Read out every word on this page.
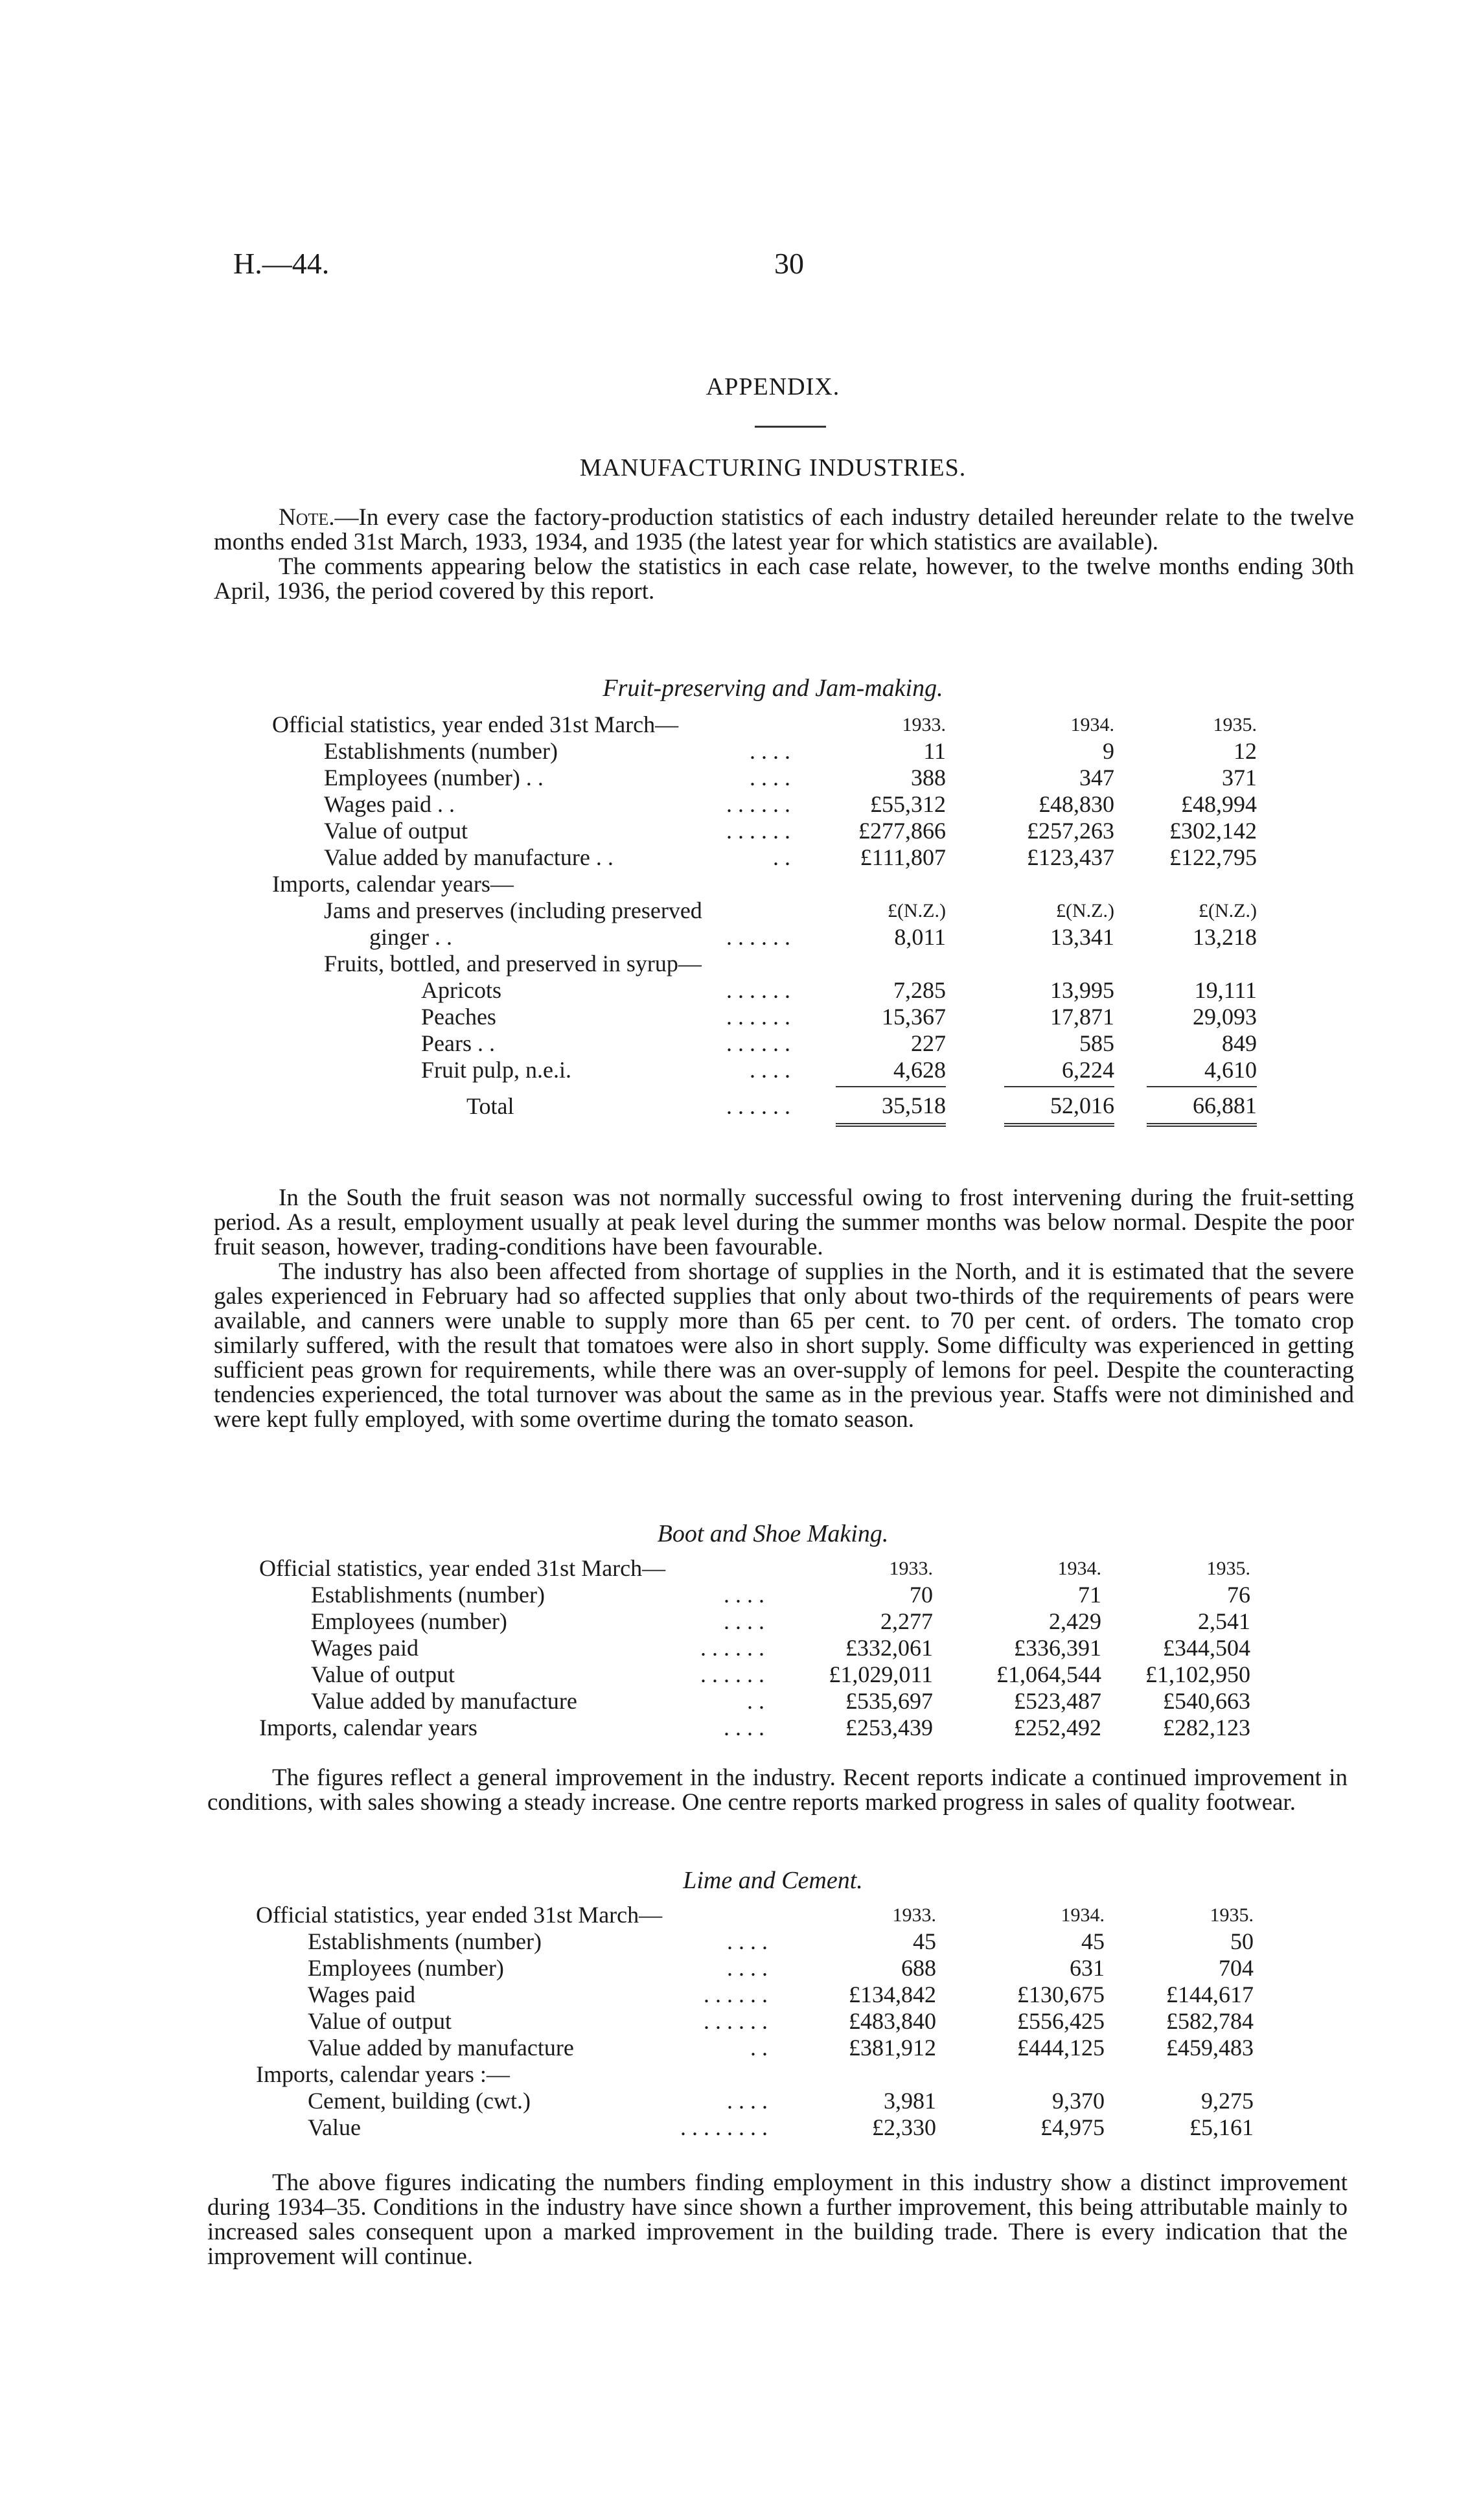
H.—44.	30
APPENDIX.
MANUFACTURING INDUSTRIES.

Note.—In every case the factory-production statistics of each industry detailed hereunder relate to the twelve months ended 31st March, 1933, 1934, and 1935 (the latest year for which statistics are available).

The comments appearing below the statistics in each case relate, however, to the twelve months ending 30th April, 1936, the period covered by this report.

Fruit-preserving and Jam-making.
Official statistics, year ended 31st March—	1933.	1934.	1935.
Establishments (number) . . . .	11	9	12
Employees (number) . . . . . .	388	347	371
Wages paid . . . . . . . .	£55,312	£48,830	£48,994
Value of output . . . . . .	£277,866	£257,263	£302,142
Value added by manufacture . . . .	£111,807	£123,437	£122,795
Imports, calendar years—			
Jams and preserves (including preserved	£(N.Z.)	£(N.Z.)	£(N.Z.)
ginger . . . . . . . .	8,011	13,341	13,218
Fruits, bottled, and preserved in syrup—			
Apricots . . . . . .	7,285	13,995	19,111
Peaches . . . . . .	15,367	17,871	29,093
Pears . . . . . . . .	227	585	849
Fruit pulp, n.e.i. . . . .	4,628	6,224	4,610
Total . . . . . .	35,518	52,016	66,881

In the South the fruit season was not normally successful owing to frost intervening during the fruit-setting period. As a result, employment usually at peak level during the summer months was below normal. Despite the poor fruit season, however, trading-conditions have been favourable.

The industry has also been affected from shortage of supplies in the North, and it is estimated that the severe gales experienced in February had so affected supplies that only about two-thirds of the requirements of pears were available, and canners were unable to supply more than 65 per cent. to 70 per cent. of orders. The tomato crop similarly suffered, with the result that tomatoes were also in short supply. Some difficulty was experienced in getting sufficient peas grown for requirements, while there was an over-supply of lemons for peel. Despite the counteracting tendencies experienced, the total turnover was about the same as in the previous year. Staffs were not diminished and were kept fully employed, with some overtime during the tomato season.

Boot and Shoe Making.
Official statistics, year ended 31st March—	1933.	1934.	1935.
Establishments (number) . . . .	70	71	76
Employees (number) . . . .	2,277	2,429	2,541
Wages paid . . . . . .	£332,061	£336,391	£344,504
Value of output . . . . . .	£1,029,011	£1,064,544	£1,102,950
Value added by manufacture . .	£535,697	£523,487	£540,663
Imports, calendar years . . . .	£253,439	£252,492	£282,123

The figures reflect a general improvement in the industry. Recent reports indicate a continued improvement in conditions, with sales showing a steady increase. One centre reports marked progress in sales of quality footwear.

Lime and Cement.
Official statistics, year ended 31st March—	1933.	1934.	1935.
Establishments (number) . . . .	45	45	50
Employees (number) . . . .	688	631	704
Wages paid . . . . . .	£134,842	£130,675	£144,617
Value of output . . . . . .	£483,840	£556,425	£582,784
Value added by manufacture . .	£381,912	£444,125	£459,483
Imports, calendar years :—			
Cement, building (cwt.) . . . .	3,981	9,370	9,275
Value . . . . . . . .	£2,330	£4,975	£5,161

The above figures indicating the numbers finding employment in this industry show a distinct improvement during 1934–35. Conditions in the industry have since shown a further improvement, this being attributable mainly to increased sales consequent upon a marked improvement in the building trade. There is every indication that the improvement will continue.
